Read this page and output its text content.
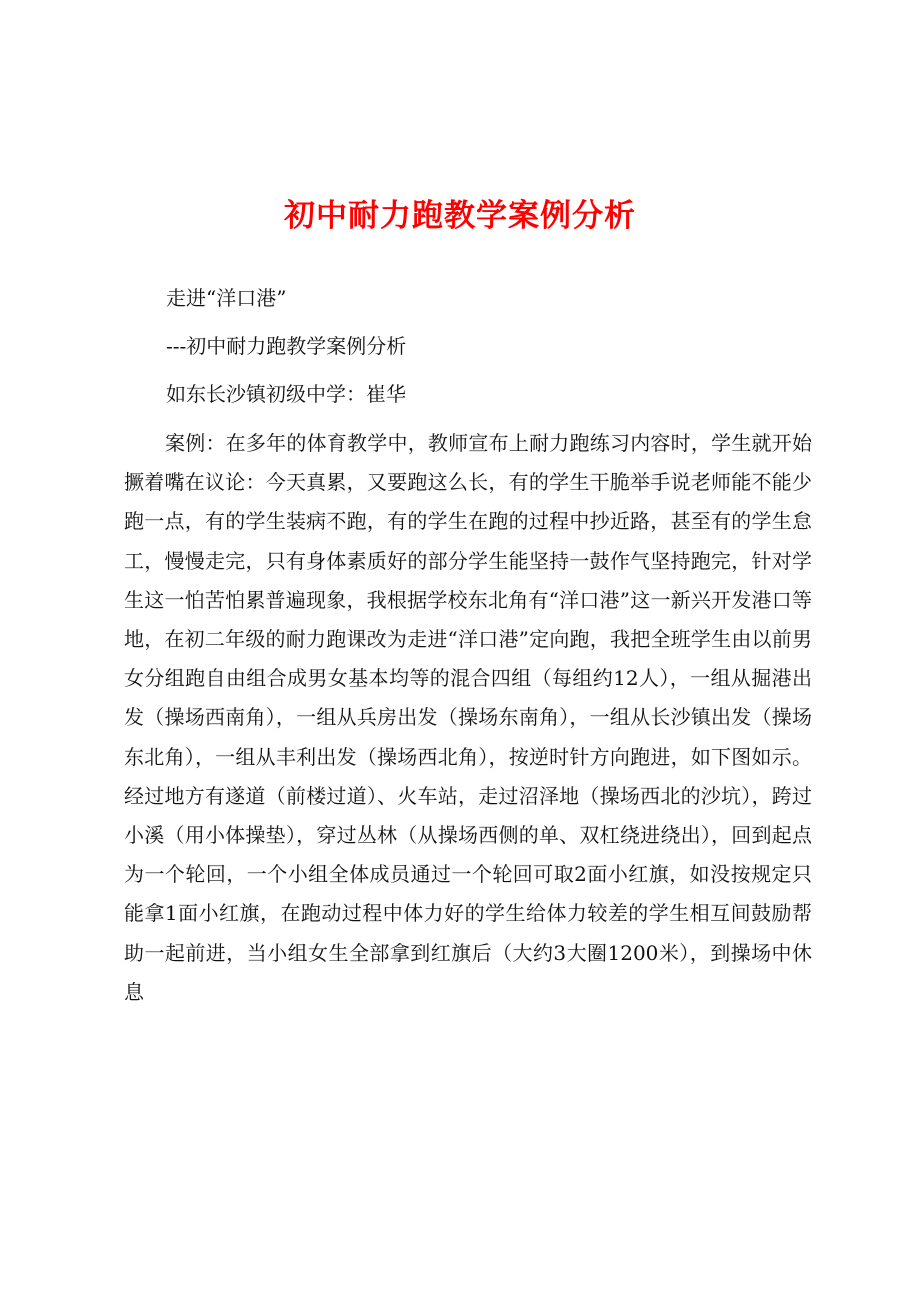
初中耐力跑教学案例分析

走进“洋口港”

---初中耐力跑教学案例分析

如东长沙镇初级中学：崔华

案例：在多年的体育教学中，教师宣布上耐力跑练习内容时，学生就开始撅着嘴在议论：今天真累，又要跑这么长，有的学生干脆举手说老师能不能少跑一点，有的学生装病不跑，有的学生在跑的过程中抄近路，甚至有的学生怠工，慢慢走完，只有身体素质好的部分学生能坚持一鼓作气坚持跑完，针对学生这一怕苦怕累普遍现象，我根据学校东北角有“洋口港”这一新兴开发港口等地，在初二年级的耐力跑课改为走进“洋口港”定向跑，我把全班学生由以前男女分组跑自由组合成男女基本均等的混合四组（每组约12人），一组从掘港出发（操场西南角），一组从兵房出发（操场东南角），一组从长沙镇出发（操场东北角），一组从丰利出发（操场西北角），按逆时针方向跑进，如下图如示。经过地方有遂道（前楼过道）、火车站，走过沼泽地（操场西北的沙坑），跨过小溪（用小体操垫），穿过丛林（从操场西侧的单、双杠绕进绕出），回到起点为一个轮回，一个小组全体成员通过一个轮回可取2面小红旗，如没按规定只能拿1面小红旗，在跑动过程中体力好的学生给体力较差的学生相互间鼓励帮助一起前进，当小组女生全部拿到红旗后（大约3大圈1200米），到操场中休息
